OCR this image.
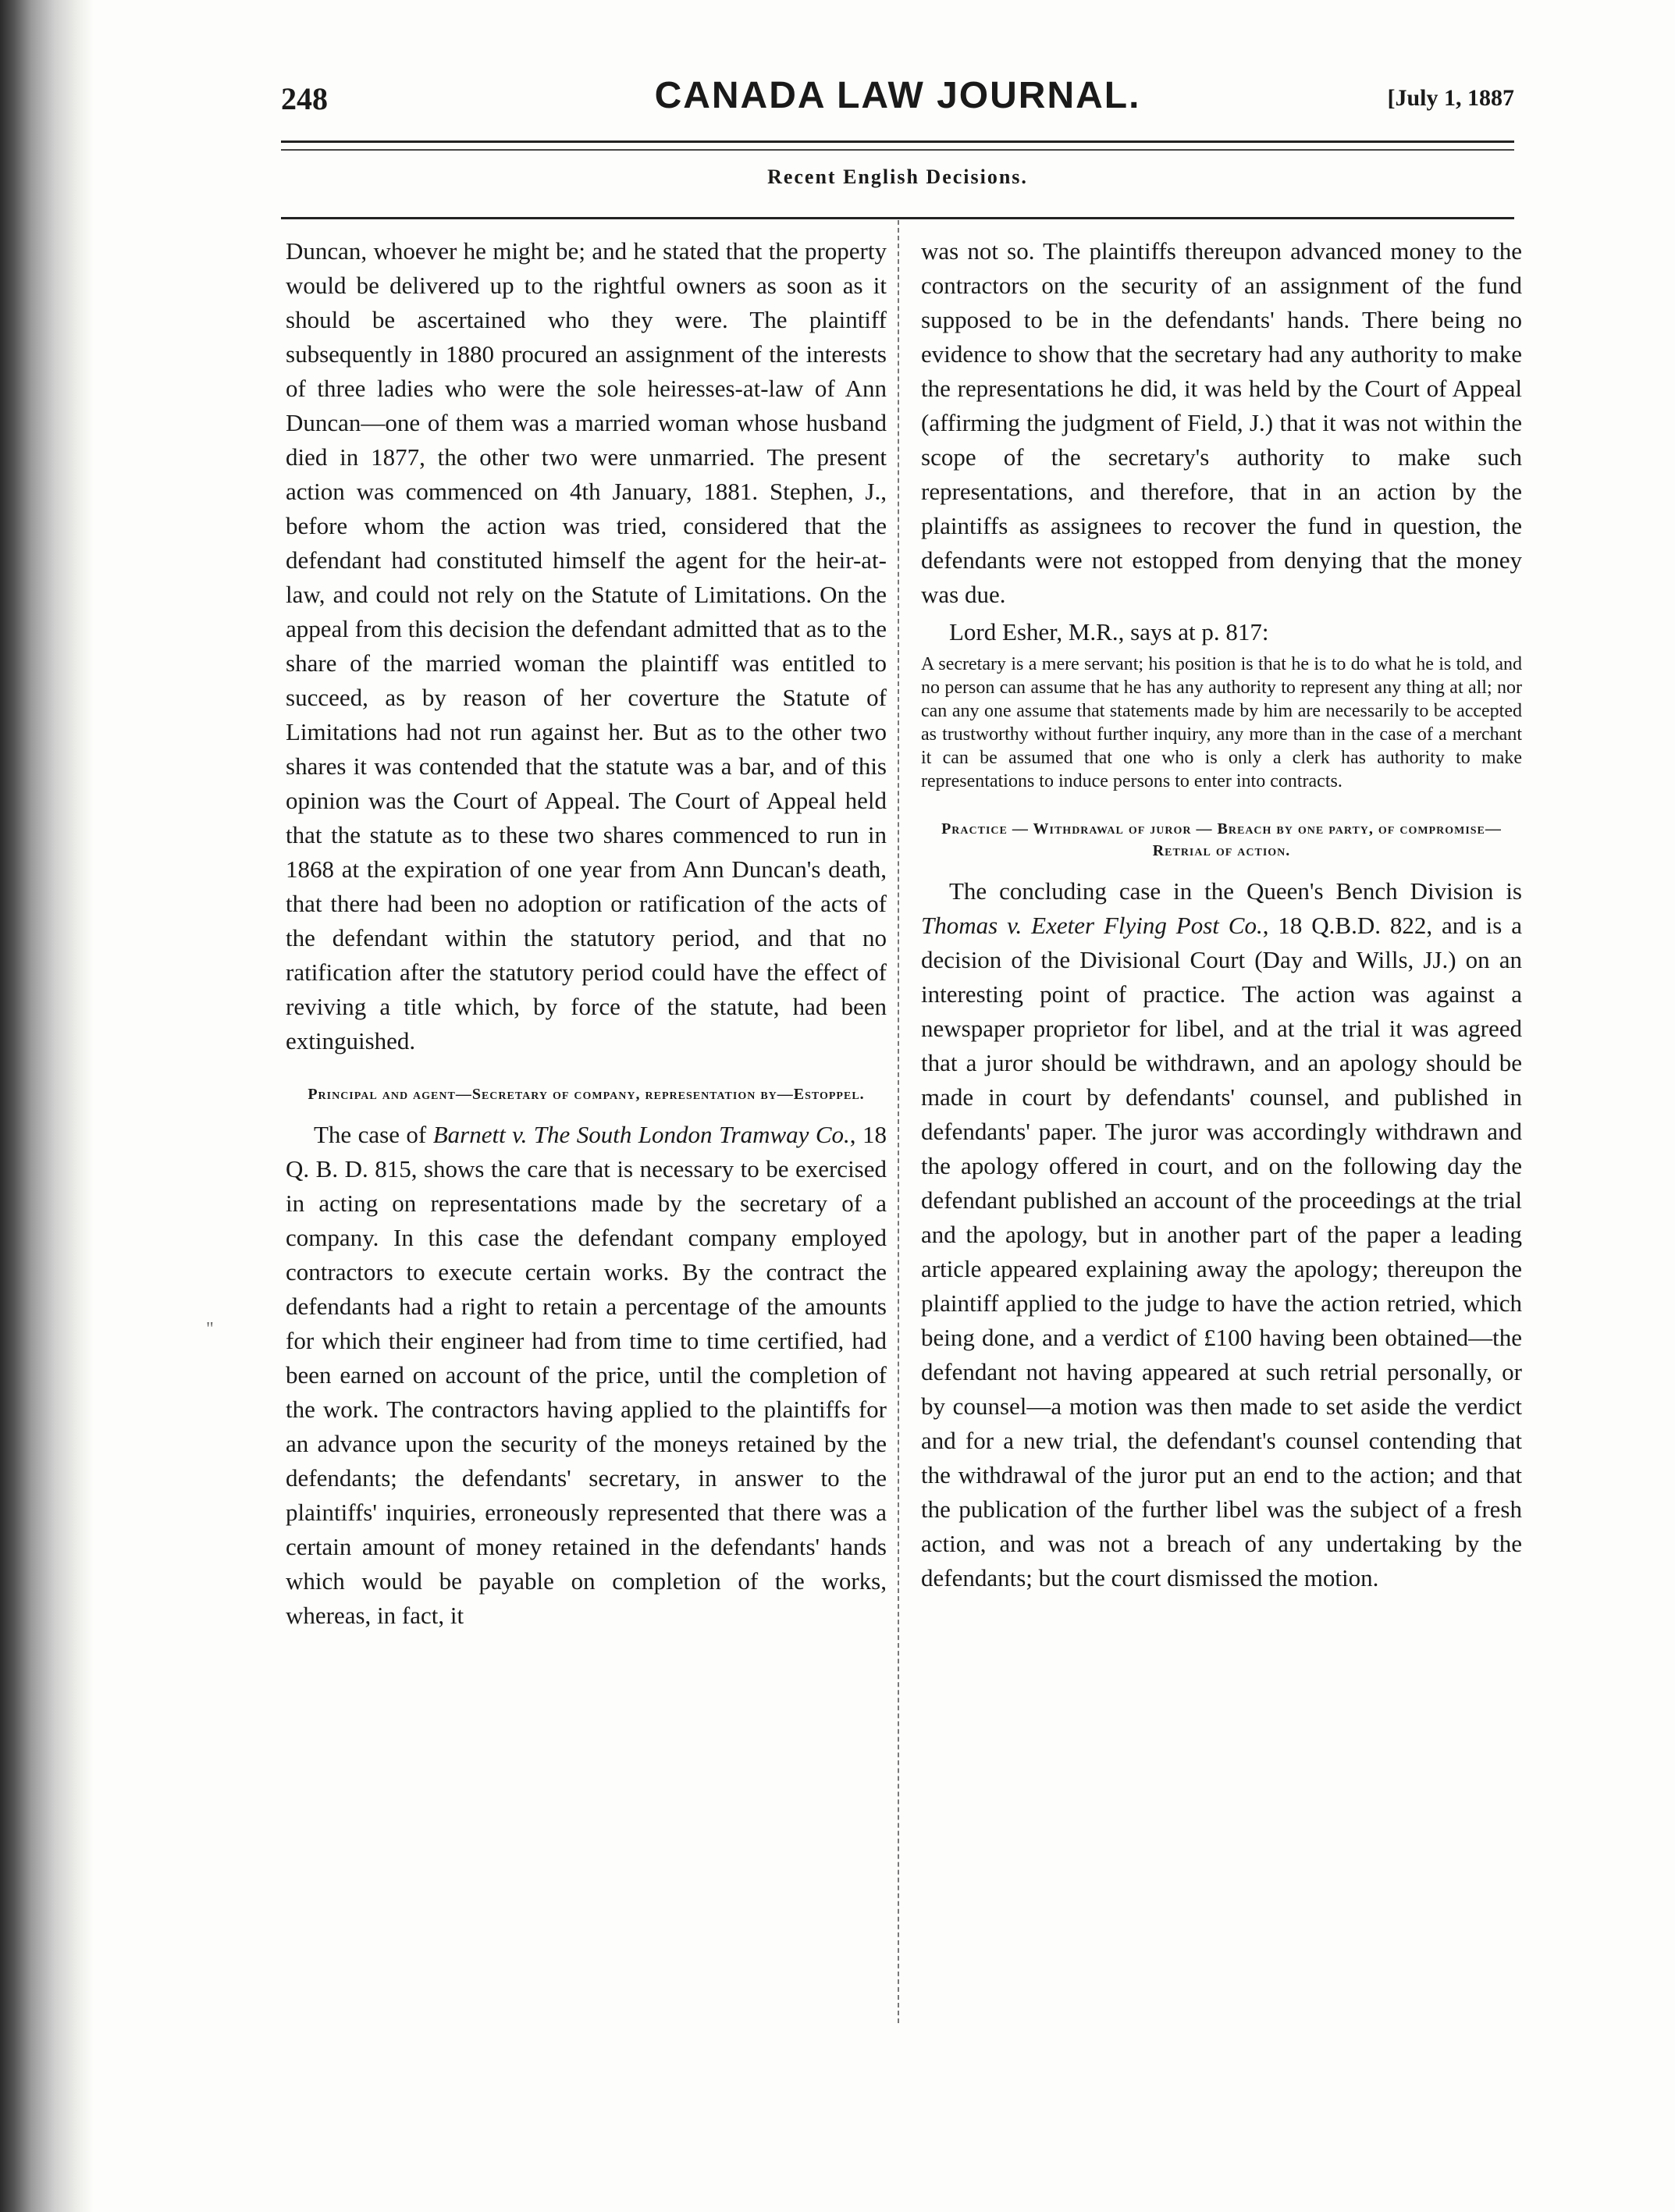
248	CANADA LAW JOURNAL.	[July 1, 1887
Recent English Decisions.
"

Duncan, whoever he might be; and he stated that the property would be delivered up to the rightful owners as soon as it should be ascertained who they were. The plaintiff subsequently in 1880 procured an assignment of the interests of three ladies who were the sole heiresses-at-law of Ann Duncan—one of them was a married woman whose husband died in 1877, the other two were unmarried. The present action was commenced on 4th January, 1881. Stephen, J., before whom the action was tried, considered that the defendant had constituted himself the agent for the heir-at-law, and could not rely on the Statute of Limitations. On the appeal from this decision the defendant admitted that as to the share of the married woman the plaintiff was entitled to succeed, as by reason of her coverture the Statute of Limitations had not run against her. But as to the other two shares it was contended that the statute was a bar, and of this opinion was the Court of Appeal. The Court of Appeal held that the statute as to these two shares commenced to run in 1868 at the expiration of one year from Ann Duncan's death, that there had been no adoption or ratification of the acts of the defendant within the statutory period, and that no ratification after the statutory period could have the effect of reviving a title which, by force of the statute, had been extinguished.

Principal and agent—Secretary of company, representation by—Estoppel.

The case of Barnett v. The South London Tramway Co., 18 Q. B. D. 815, shows the care that is necessary to be exercised in acting on representations made by the secretary of a company. In this case the defendant company employed contractors to execute certain works. By the contract the defendants had a right to retain a percentage of the amounts for which their engineer had from time to time certified, had been earned on account of the price, until the completion of the work. The contractors having applied to the plaintiffs for an advance upon the security of the moneys retained by the defendants; the defendants' secretary, in answer to the plaintiffs' inquiries, erroneously represented that there was a certain amount of money retained in the defendants' hands which would be payable on completion of the works, whereas, in fact, it

was not so. The plaintiffs thereupon advanced money to the contractors on the security of an assignment of the fund supposed to be in the defendants' hands. There being no evidence to show that the secretary had any authority to make the representations he did, it was held by the Court of Appeal (affirming the judgment of Field, J.) that it was not within the scope of the secretary's authority to make such representations, and therefore, that in an action by the plaintiffs as assignees to recover the fund in question, the defendants were not estopped from denying that the money was due.

Lord Esher, M.R., says at p. 817:

A secretary is a mere servant; his position is that he is to do what he is told, and no person can assume that he has any authority to represent any thing at all; nor can any one assume that statements made by him are necessarily to be accepted as trustworthy without further inquiry, any more than in the case of a merchant it can be assumed that one who is only a clerk has authority to make representations to induce persons to enter into contracts.
Practice — Withdrawal of juror — Breach by one party, of compromise—Retrial of action.

The concluding case in the Queen's Bench Division is Thomas v. Exeter Flying Post Co., 18 Q.B.D. 822, and is a decision of the Divisional Court (Day and Wills, JJ.) on an interesting point of practice. The action was against a newspaper proprietor for libel, and at the trial it was agreed that a juror should be withdrawn, and an apology should be made in court by defendants' counsel, and published in defendants' paper. The juror was accordingly withdrawn and the apology offered in court, and on the following day the defendant published an account of the proceedings at the trial and the apology, but in another part of the paper a leading article appeared explaining away the apology; thereupon the plaintiff applied to the judge to have the action retried, which being done, and a verdict of £100 having been obtained—the defendant not having appeared at such retrial personally, or by counsel—a motion was then made to set aside the verdict and for a new trial, the defendant's counsel contending that the withdrawal of the juror put an end to the action; and that the publication of the further libel was the subject of a fresh action, and was not a breach of any undertaking by the defendants; but the court dismissed the motion.
